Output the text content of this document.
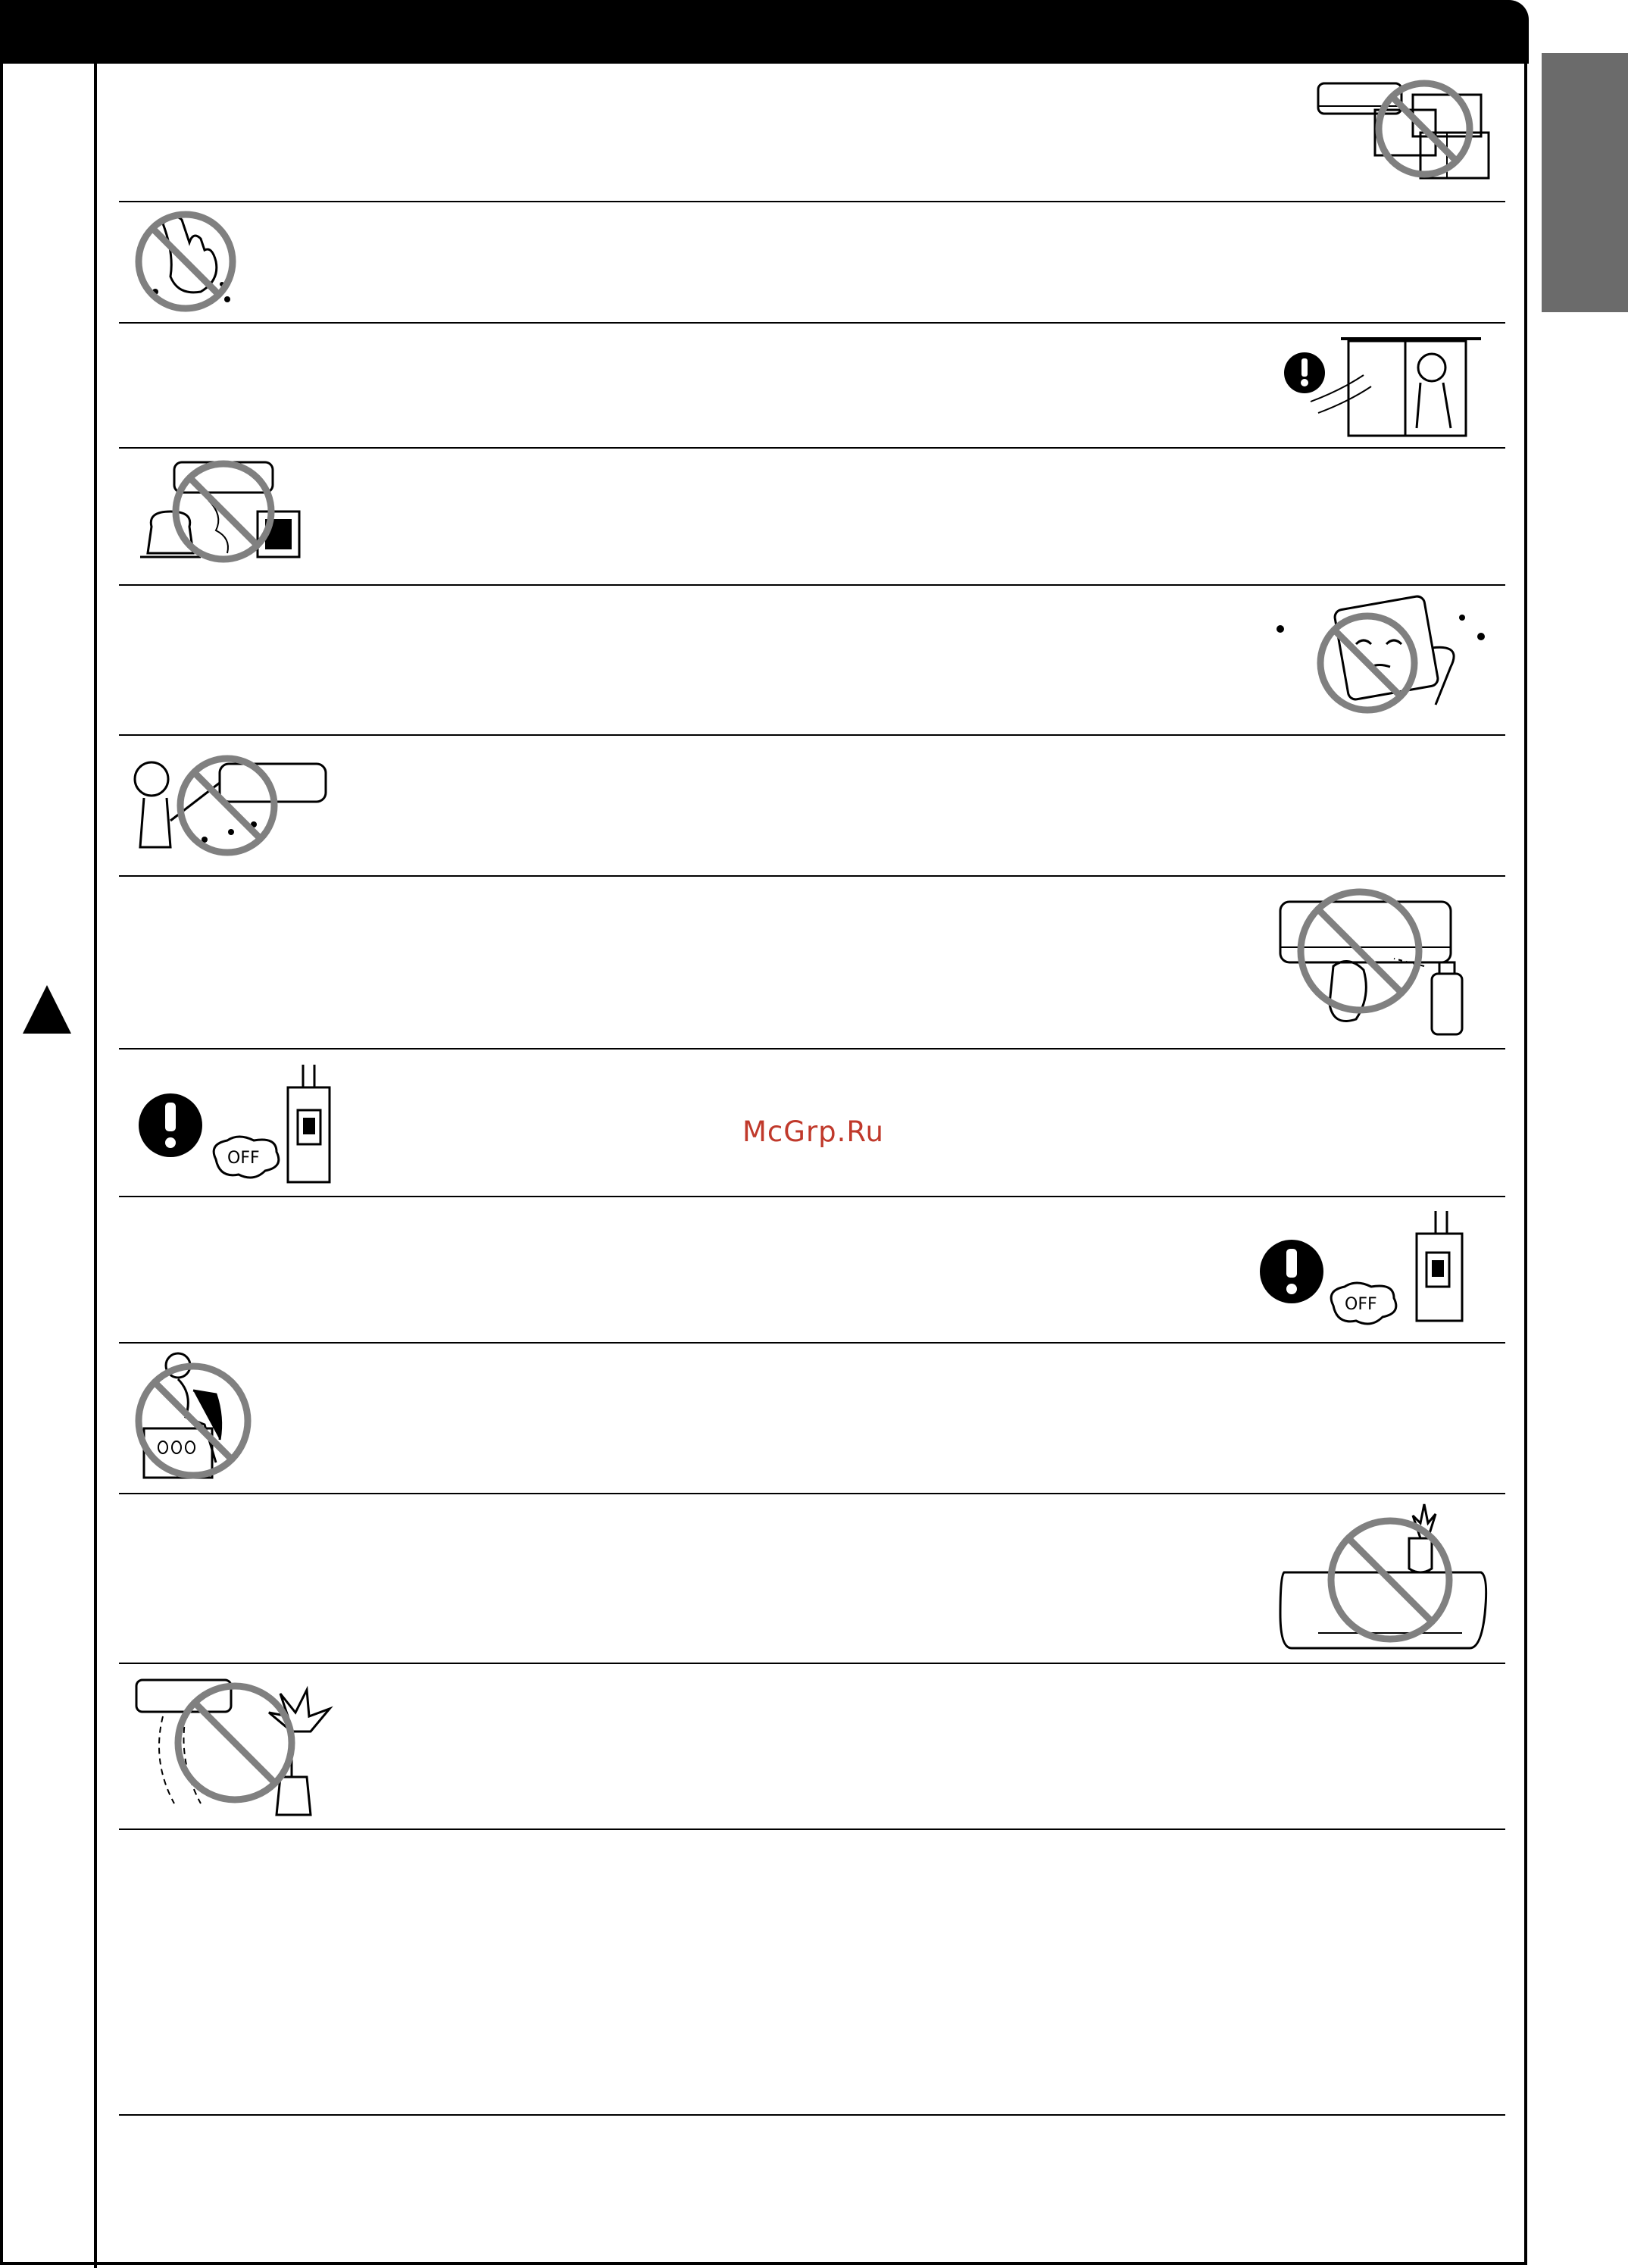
OFF
OFF
McGrp.Ru
